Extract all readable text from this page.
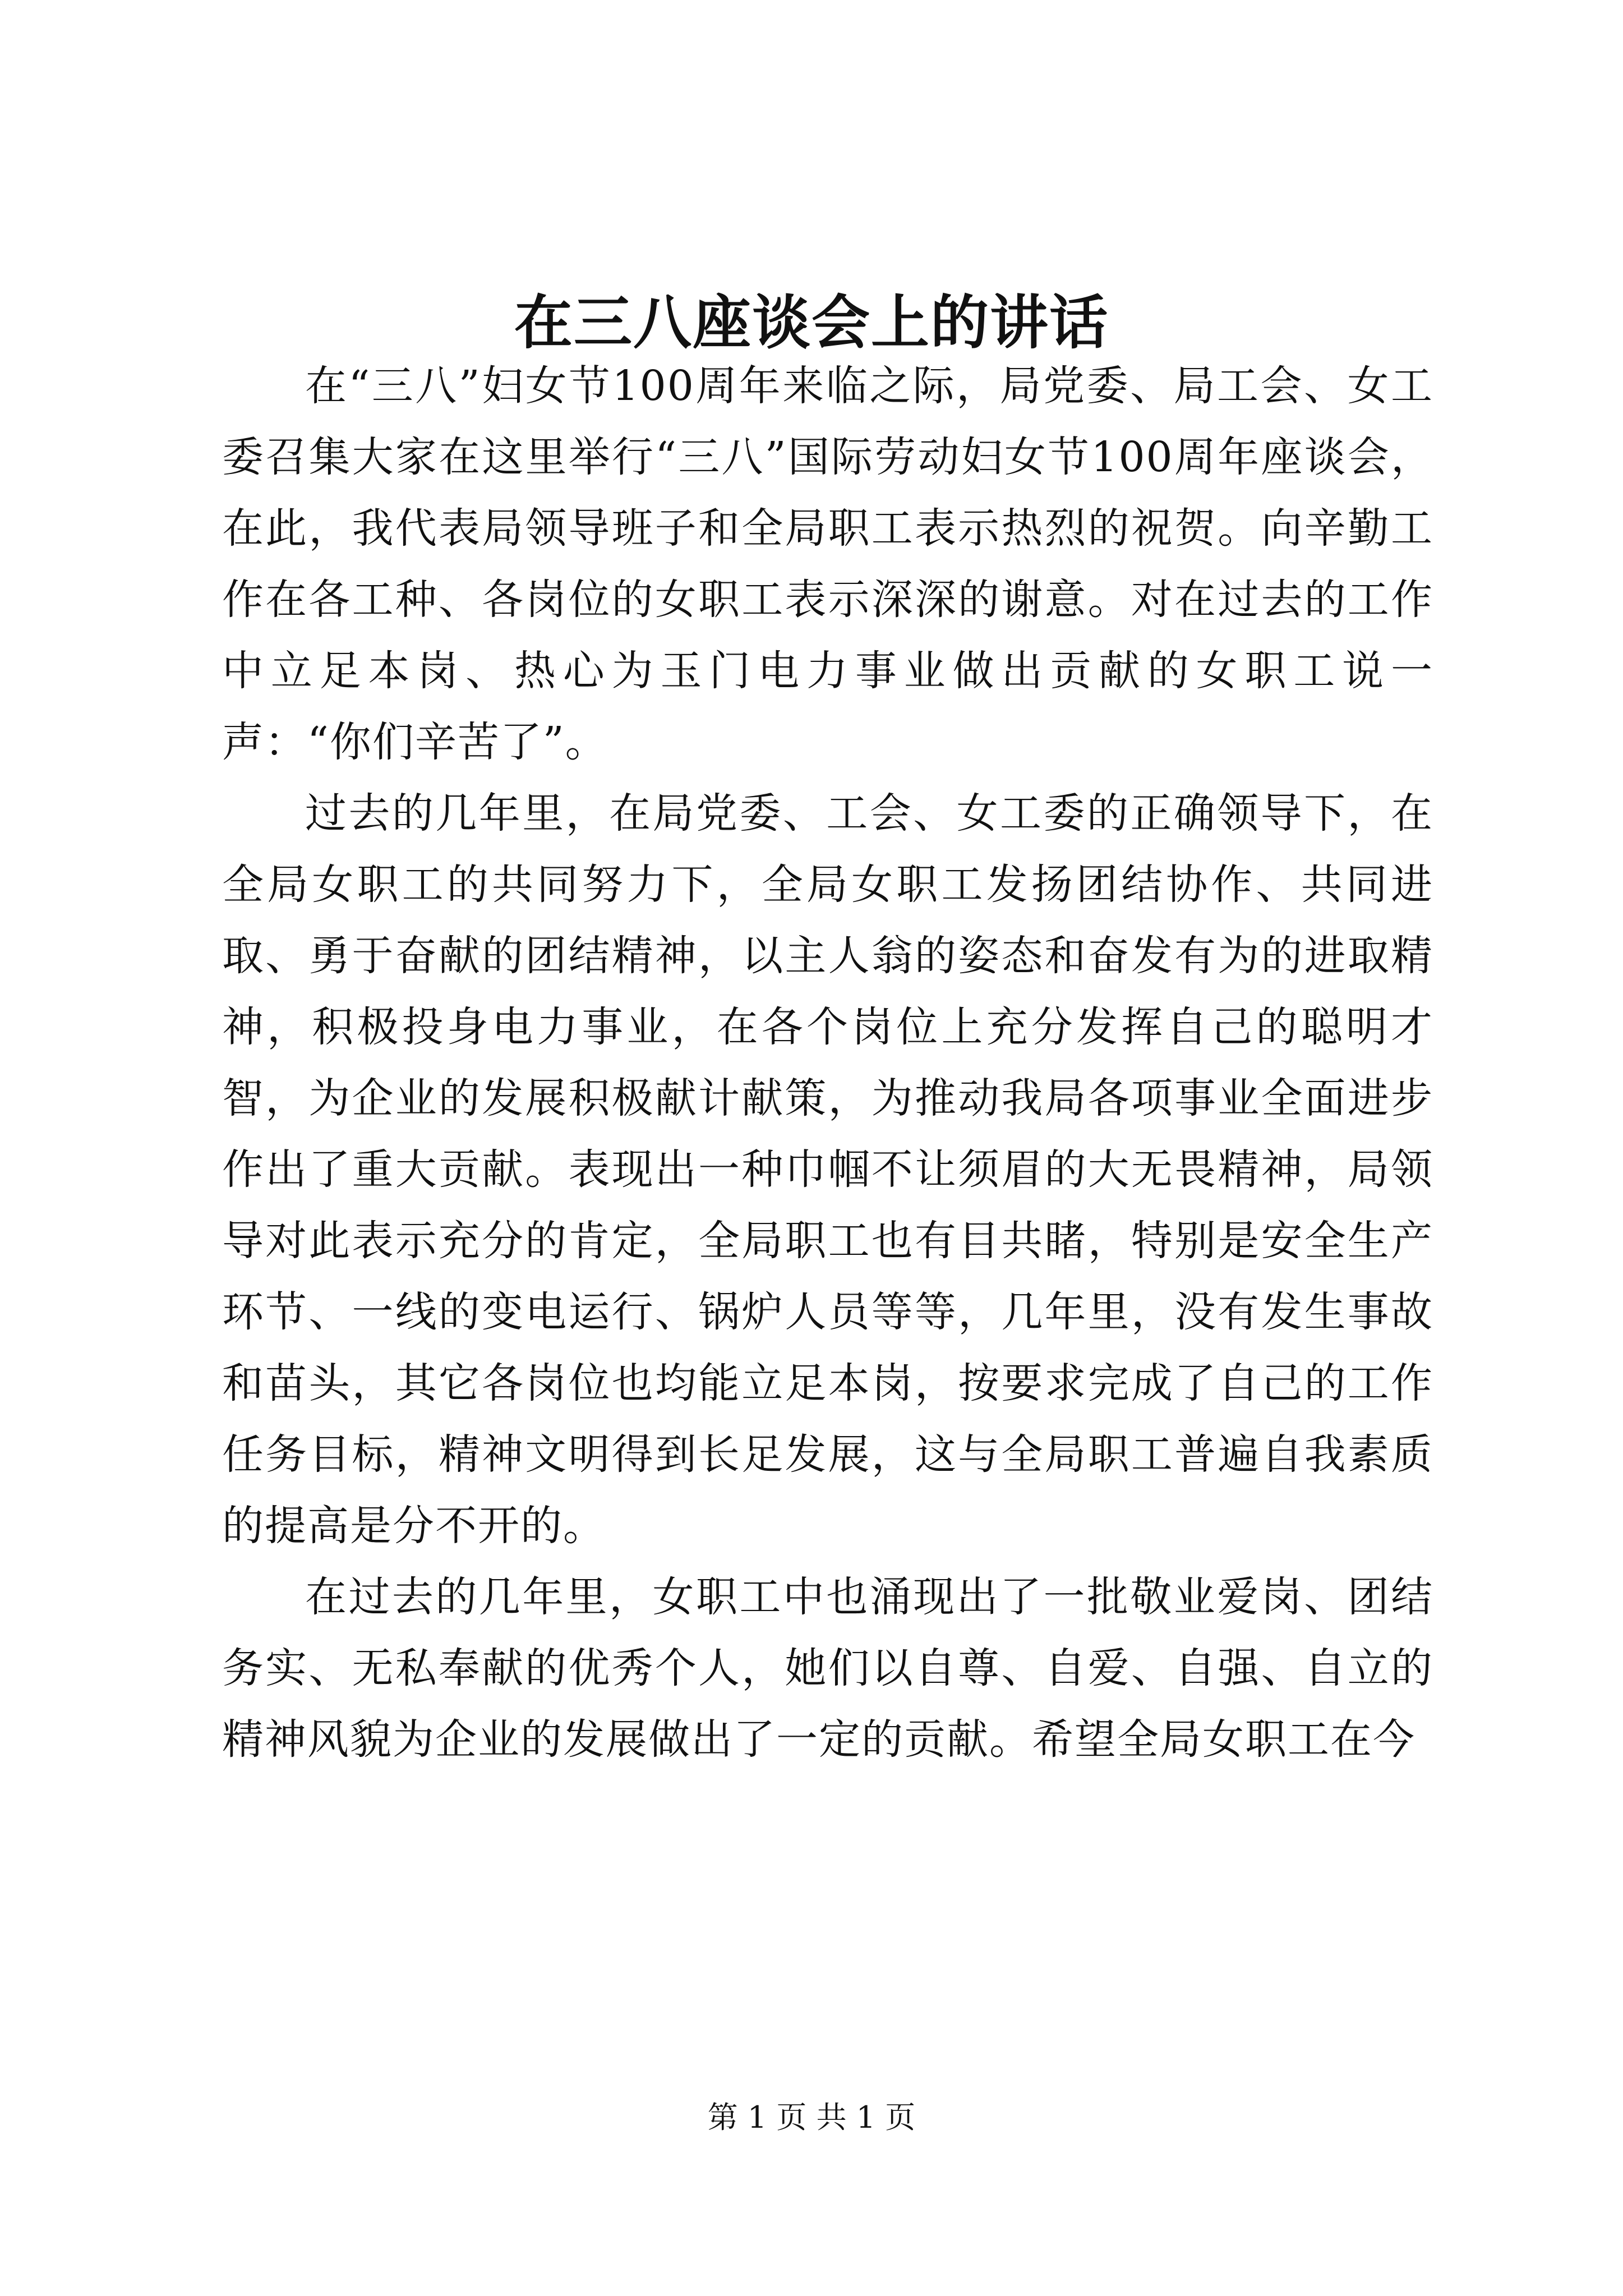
在三八座谈会上的讲话

在“三八”妇女节100周年来临之际，局党委、局工会、女工委召集大家在这里举行“三八”国际劳动妇女节100周年座谈会，在此，我代表局领导班子和全局职工表示热烈的祝贺。向辛勤工作在各工种、各岗位的女职工表示深深的谢意。对在过去的工作中立足本岗、热心为玉门电力事业做出贡献的女职工说一声：“你们辛苦了”。

过去的几年里，在局党委、工会、女工委的正确领导下，在全局女职工的共同努力下，全局女职工发扬团结协作、共同进取、勇于奋献的团结精神，以主人翁的姿态和奋发有为的进取精神，积极投身电力事业，在各个岗位上充分发挥自己的聪明才智，为企业的发展积极献计献策，为推动我局各项事业全面进步作出了重大贡献。表现出一种巾帼不让须眉的大无畏精神，局领导对此表示充分的肯定，全局职工也有目共睹，特别是安全生产环节、一线的变电运行、锅炉人员等等，几年里，没有发生事故和苗头，其它各岗位也均能立足本岗，按要求完成了自己的工作任务目标，精神文明得到长足发展，这与全局职工普遍自我素质的提高是分不开的。

在过去的几年里，女职工中也涌现出了一批敬业爱岗、团结务实、无私奉献的优秀个人，她们以自尊、自爱、自强、自立的精神风貌为企业的发展做出了一定的贡献。希望全局女职工在今

第 1 页 共 1 页
